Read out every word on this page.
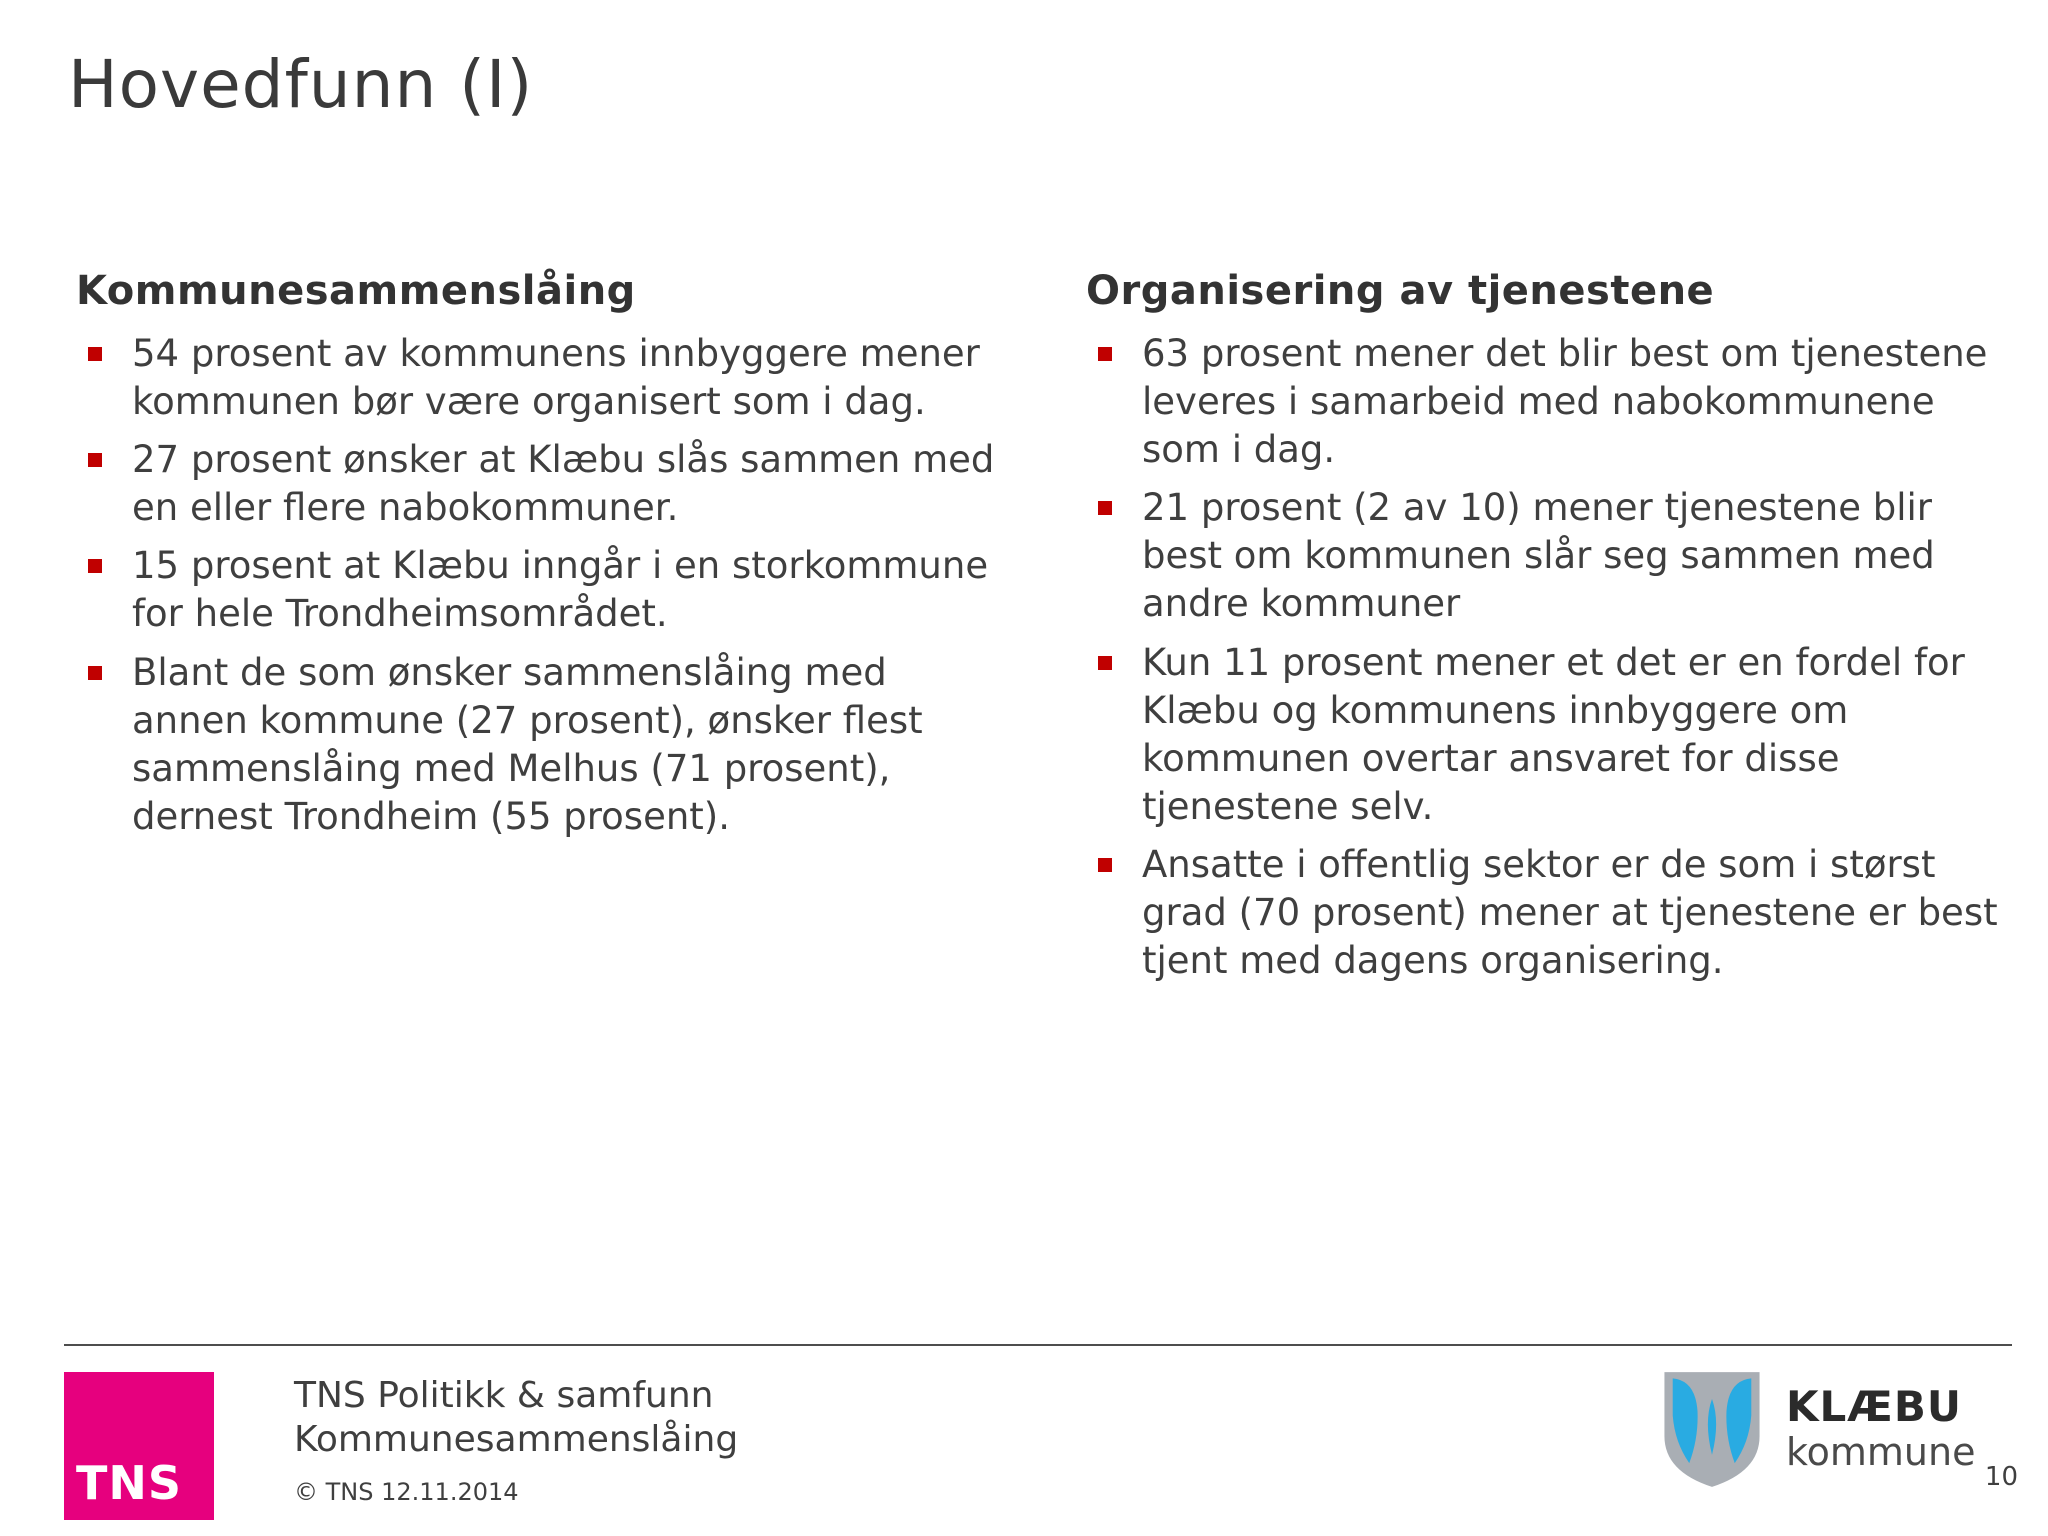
Hovedfunn (I)
Kommunesammenslåing
54 prosent av kommunens innbyggere mener kommunen bør være organisert som i dag.
27 prosent ønsker at Klæbu slås sammen med en eller flere nabokommuner.
15 prosent at Klæbu inngår i en storkommune for hele Trondheimsområdet.
Blant de som ønsker sammenslåing med annen kommune (27 prosent), ønsker flest sammenslåing med Melhus (71 prosent), dernest Trondheim (55 prosent).
Organisering av tjenestene
63 prosent mener det blir best om tjenestene leveres i samarbeid med nabokommunene som i dag.
21 prosent (2 av 10) mener tjenestene blir best om kommunen slår seg sammen med andre kommuner
Kun 11 prosent mener et det er en fordel for Klæbu og kommunens innbyggere om kommunen overtar ansvaret for disse tjenestene selv.
Ansatte i offentlig sektor er de som i størst grad (70 prosent) mener at tjenestene er best tjent med dagens organisering.
TNS
TNS Politikk & samfunn
Kommunesammenslåing
© TNS 12.11.2014
KLÆBU
kommune
10
